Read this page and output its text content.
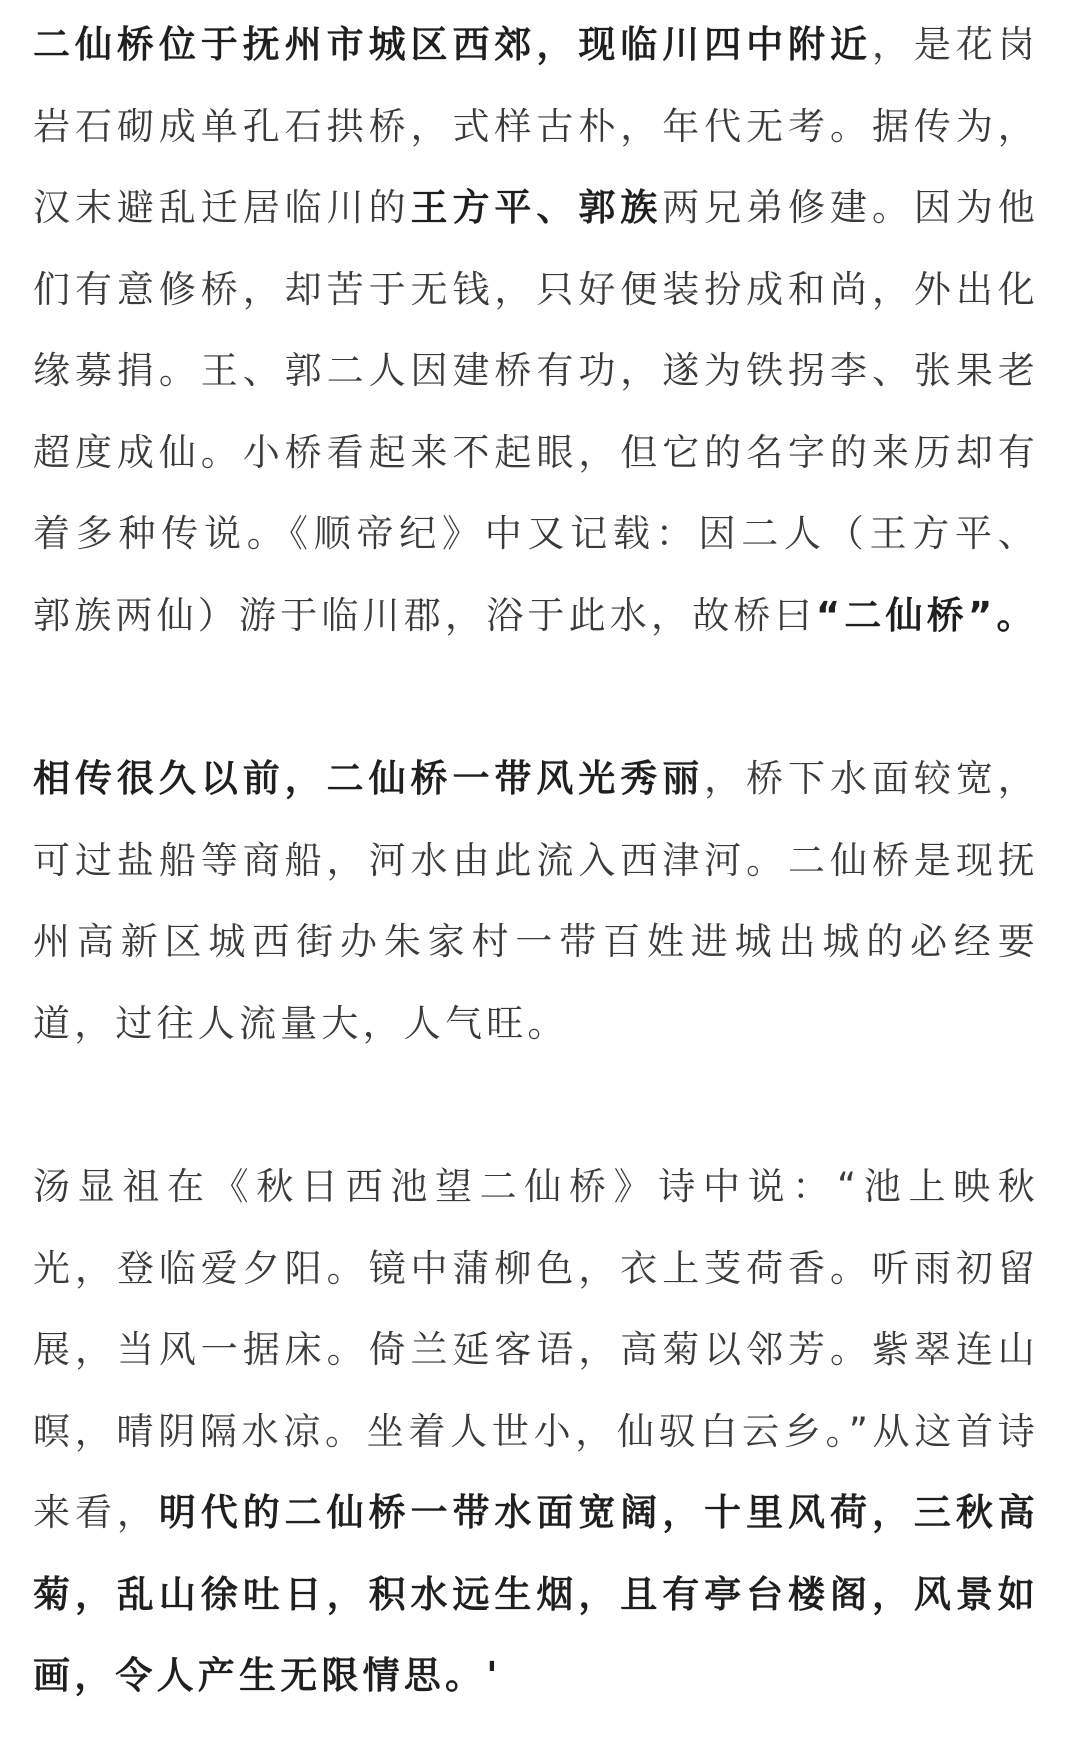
二仙桥位于抚州市城区西郊，现临川四中附近，是花岗岩石砌成单孔石拱桥，式样古朴，年代无考。据传为，汉末避乱迁居临川的王方平、郭族两兄弟修建。因为他们有意修桥，却苦于无钱，只好便装扮成和尚，外出化缘募捐。王、郭二人因建桥有功，遂为铁拐李、张果老超度成仙。小桥看起来不起眼，但它的名字的来历却有着多种传说。《顺帝纪》中又记载：因二人（王方平、郭族两仙）游于临川郡，浴于此水，故桥曰“二仙桥”。

相传很久以前，二仙桥一带风光秀丽，桥下水面较宽，可过盐船等商船，河水由此流入西津河。二仙桥是现抚州高新区城西街办朱家村一带百姓进城出城的必经要道，过往人流量大，人气旺。

汤显祖在《秋日西池望二仙桥》诗中说：“池上映秋光，登临爱夕阳。镜中蒲柳色，衣上芰荷香。听雨初留展，当风一据床。倚兰延客语，高菊以邻芳。紫翠连山暝，晴阴隔水凉。坐着人世小，仙驭白云乡。”从这首诗来看，明代的二仙桥一带水面宽阔，十里风荷，三秋高菊，乱山徐吐日，积水远生烟，且有亭台楼阁，风景如画，令人产生无限情思。'
